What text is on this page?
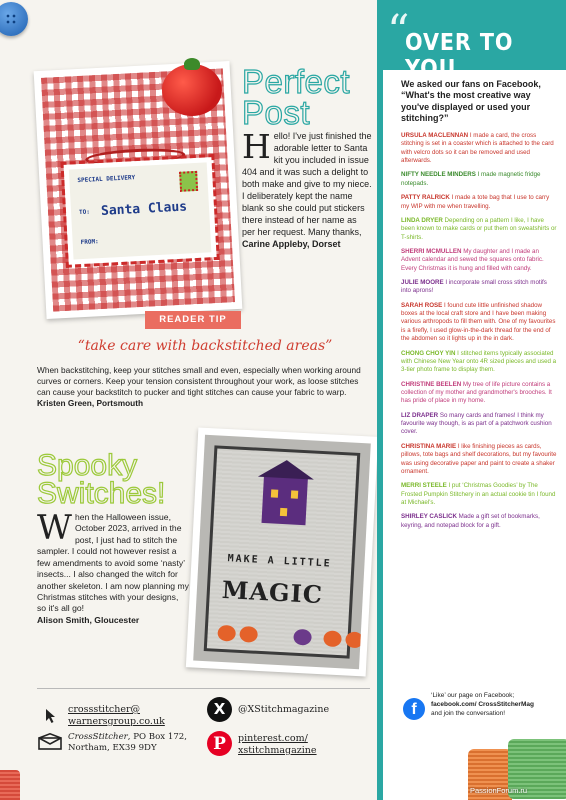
SPECIAL DELIVERY
TO: Santa Claus
FROM:
Perfect
Post
Hello! I've just finished the adorable letter to Santa kit you included in issue 404 and it was such a delight to both make and give to my niece. I deliberately kept the name blank so she could put stickers there instead of her name as per her request. Many thanks,
Carine Appleby, Dorset
READER TIP
“take care with backstitched areas”
When backstitching, keep your stitches small and even, especially when working around curves or corners. Keep your tension consistent throughout your work, as loose stitches can cause your backstitch to pucker and tight stitches can cause your fabric to warp.
Kristen Green, Portsmouth
Spooky
Switches!
When the Halloween issue, October 2023, arrived in the post, I just had to stitch the sampler. I could not however resist a few amendments to avoid some ‘nasty’ insects... I also changed the witch for another skeleton. I am now planning my Christmas stitches with your designs, so it's all go!
Alison Smith, Gloucester
MAKE A LITTLE
MAGIC
crossstitcher@
warnersgroup.co.uk
CrossStitcher, PO Box 172,
Northam, EX39 9DY
X	@XStitchmagazine
P	pinterest.com/
xstitchmagazine
“
OVER TO YOU...
We asked our fans on Facebook, “What's the most creative way you've displayed or used your stitching?”
URSULA MACLENNAN I made a card, the cross stitching is set in a coaster which is attached to the card with velcro dots so it can be removed and used afterwards.
NIFTY NEEDLE MINDERS I made magnetic fridge notepads.
PATTY RALRICK I made a tote bag that I use to carry my WIP with me when travelling.
LINDA DRYER Depending on a pattern I like, I have been known to make cards or put them on sweatshirts or T-shirts.
SHERRI MCMULLEN My daughter and I made an Advent calendar and sewed the squares onto fabric. Every Christmas it is hung and filled with candy.
JULIE MOORE I incorporate small cross stitch motifs into aprons!
SARAH ROSE I found cute little unfinished shadow boxes at the local craft store and I have been making various arthropods to fill them with. One of my favourites is a firefly, I used glow-in-the-dark thread for the end of the abdomen so it lights up in the in dark.
CHONG CHOY YIN I stitched items typically associated with Chinese New Year onto 4R sized pieces and used a 3-tier photo frame to display them.
CHRISTINE BEELEN My tree of life picture contains a collection of my mother and grandmother's brooches. It has pride of place in my home.
LIZ DRAPER So many cards and frames! I think my favourite way though, is as part of a patchwork cushion cover.
CHRISTINA MARIE I like finishing pieces as cards, pillows, tote bags and shelf decorations, but my favourite was using decorative paper and paint to create a shaker ornament.
MERRI STEELE I put ‘Christmas Goodies’ by The Frosted Pumpkin Stitchery in an actual cookie tin I found at Michael's.
SHIRLEY CASLICK Made a gift set of bookmarks, keyring, and notepad block for a gift.
f
‘Like’ our page on Facebook; facebook.com/ CrossStitcherMag and join the conversation!
PassionForum.ru
